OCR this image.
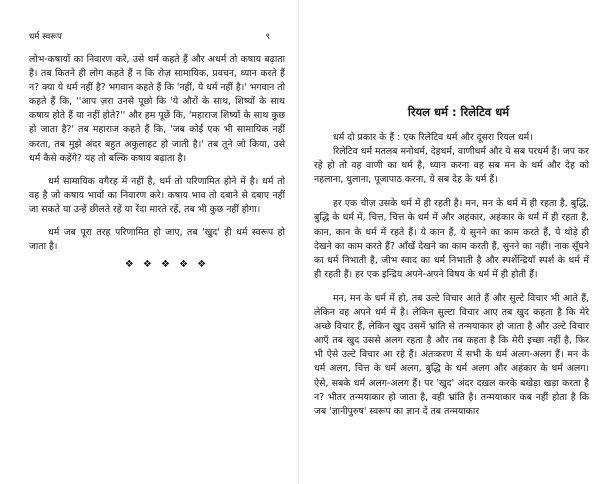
धर्म स्वरूप	९

लोभ-कषायों का निवारण करे, उसे धर्म कहते हैं और अधर्म तो कषाय बढ़ाता है। तब कितने ही लोग कहते हैं न कि रोज़ सामायिक, प्रवचन, ध्यान करते हैं न? क्या ये धर्म नहीं है? भगवान कहते हैं कि 'नहीं, ये धर्म नहीं है।' भगवान तो कहते हैं कि, ''आप ज़रा उनसे पूछो कि 'ये औरों के साथ, शिष्यों के साथ कषाय होते हैं या नहीं होते?'' और हम पूछें कि, 'महाराज शिष्यों के साथ कुछ हो जाता है?' तब महाराज कहते हैं कि, 'जब कोई एक भी सामायिक नहीं करता, तब मुझे अंदर बहुत अकुलाहट हो जाती है।' तब तूने जो किया, उसे धर्म कैसे कहेंगे? यह तो बल्कि कषाय बढ़ाता है।

धर्म सामायिक वगैरह में नहीं है, धर्म तो परिणामित होने में है। धर्म तो वह है जो कषाय भावों का निवारण करे। कषाय भाव तो दबाने से दबाए नहीं जा सकते या उन्हें छीलते रहें या रेंदा मारते रहें, तब भी कुछ नहीं होगा।

धर्म जब पूरा तरह परिणामित हो जाए, तब 'खुद' ही धर्म स्वरूप हो जाता है।

❖ ❖ ❖ ❖ ❖
रियल धर्म : रिलेटिव धर्म

धर्म दो प्रकार के हैं : एक रिलेटिव धर्म और दूसरा रियल धर्म।

रिलेटिव धर्म मतलब मनोधर्म, देहधर्म, वाणीधर्म और ये सब परधर्म हैं। जप कर रहे हो तो वह वाणी का धर्म है, ध्यान करना वह सब मन के धर्म और देह को नहलाना, धुलाना, पूजापाठ करना, ये सब देह के धर्म हैं।

हर एक चीज़ उसके धर्म में ही रहती है। मन, मन के धर्म में ही रहता है, बुद्धि, बुद्धि के धर्म में, चित्त, चित्त के धर्म में और अहंकार, अहंकार के धर्म में ही रहता है, कान, कान के धर्म में रहते हैं। ये कान हैं, ये सुनने का काम करते हैं, ये थोड़े ही देखने का काम करते हैं? आँखें देखने का काम करती हैं, सुनने का नहीं। नाक सूँघने का धर्म निभाती है, जीभ स्वाद का धर्म निभाती है और स्पर्शेन्द्रियाँ स्पर्श के धर्म में ही रहती हैं। हर एक इन्द्रिय अपने-अपने विषय के धर्म में ही होती हैं।

मन, मन के धर्म में हो, तब उल्टे विचार आते हैं और सुल्टे विचार भी आते हैं, लेकिन वह अपने धर्म में है। लेकिन सुल्टा विचार आए तब खुद कहता है कि मेरे अच्छे विचार हैं, लेकिन खुद उसमें भ्रांति से तन्मयाकार हो जाता है और उल्टे विचार आएँ तब खुद उससे अलग रहता है और तब कहता है कि मेरी इच्छा नहीं है, फिर भी ऐसे उल्टे विचार आ रहे हैं। अंतःकरण में सभी के धर्म अलग-अलग हैं। मन के धर्म अलग, चित्त के धर्म अलग, बुद्धि के धर्म अलग और अहंकार के धर्म अलग। ऐसे, सबके धर्म अलग-अलग हैं। पर 'खुद' अंदर दख़ल करके बखेड़ा खड़ा करता है न? भीतर तन्मयाकार हो जाता है, वही भ्रांति है। तन्मयाकार कब नहीं होता है कि जब 'ज्ञानीपुरुष' स्वरूप का ज्ञान दें तब तन्मयाकार
